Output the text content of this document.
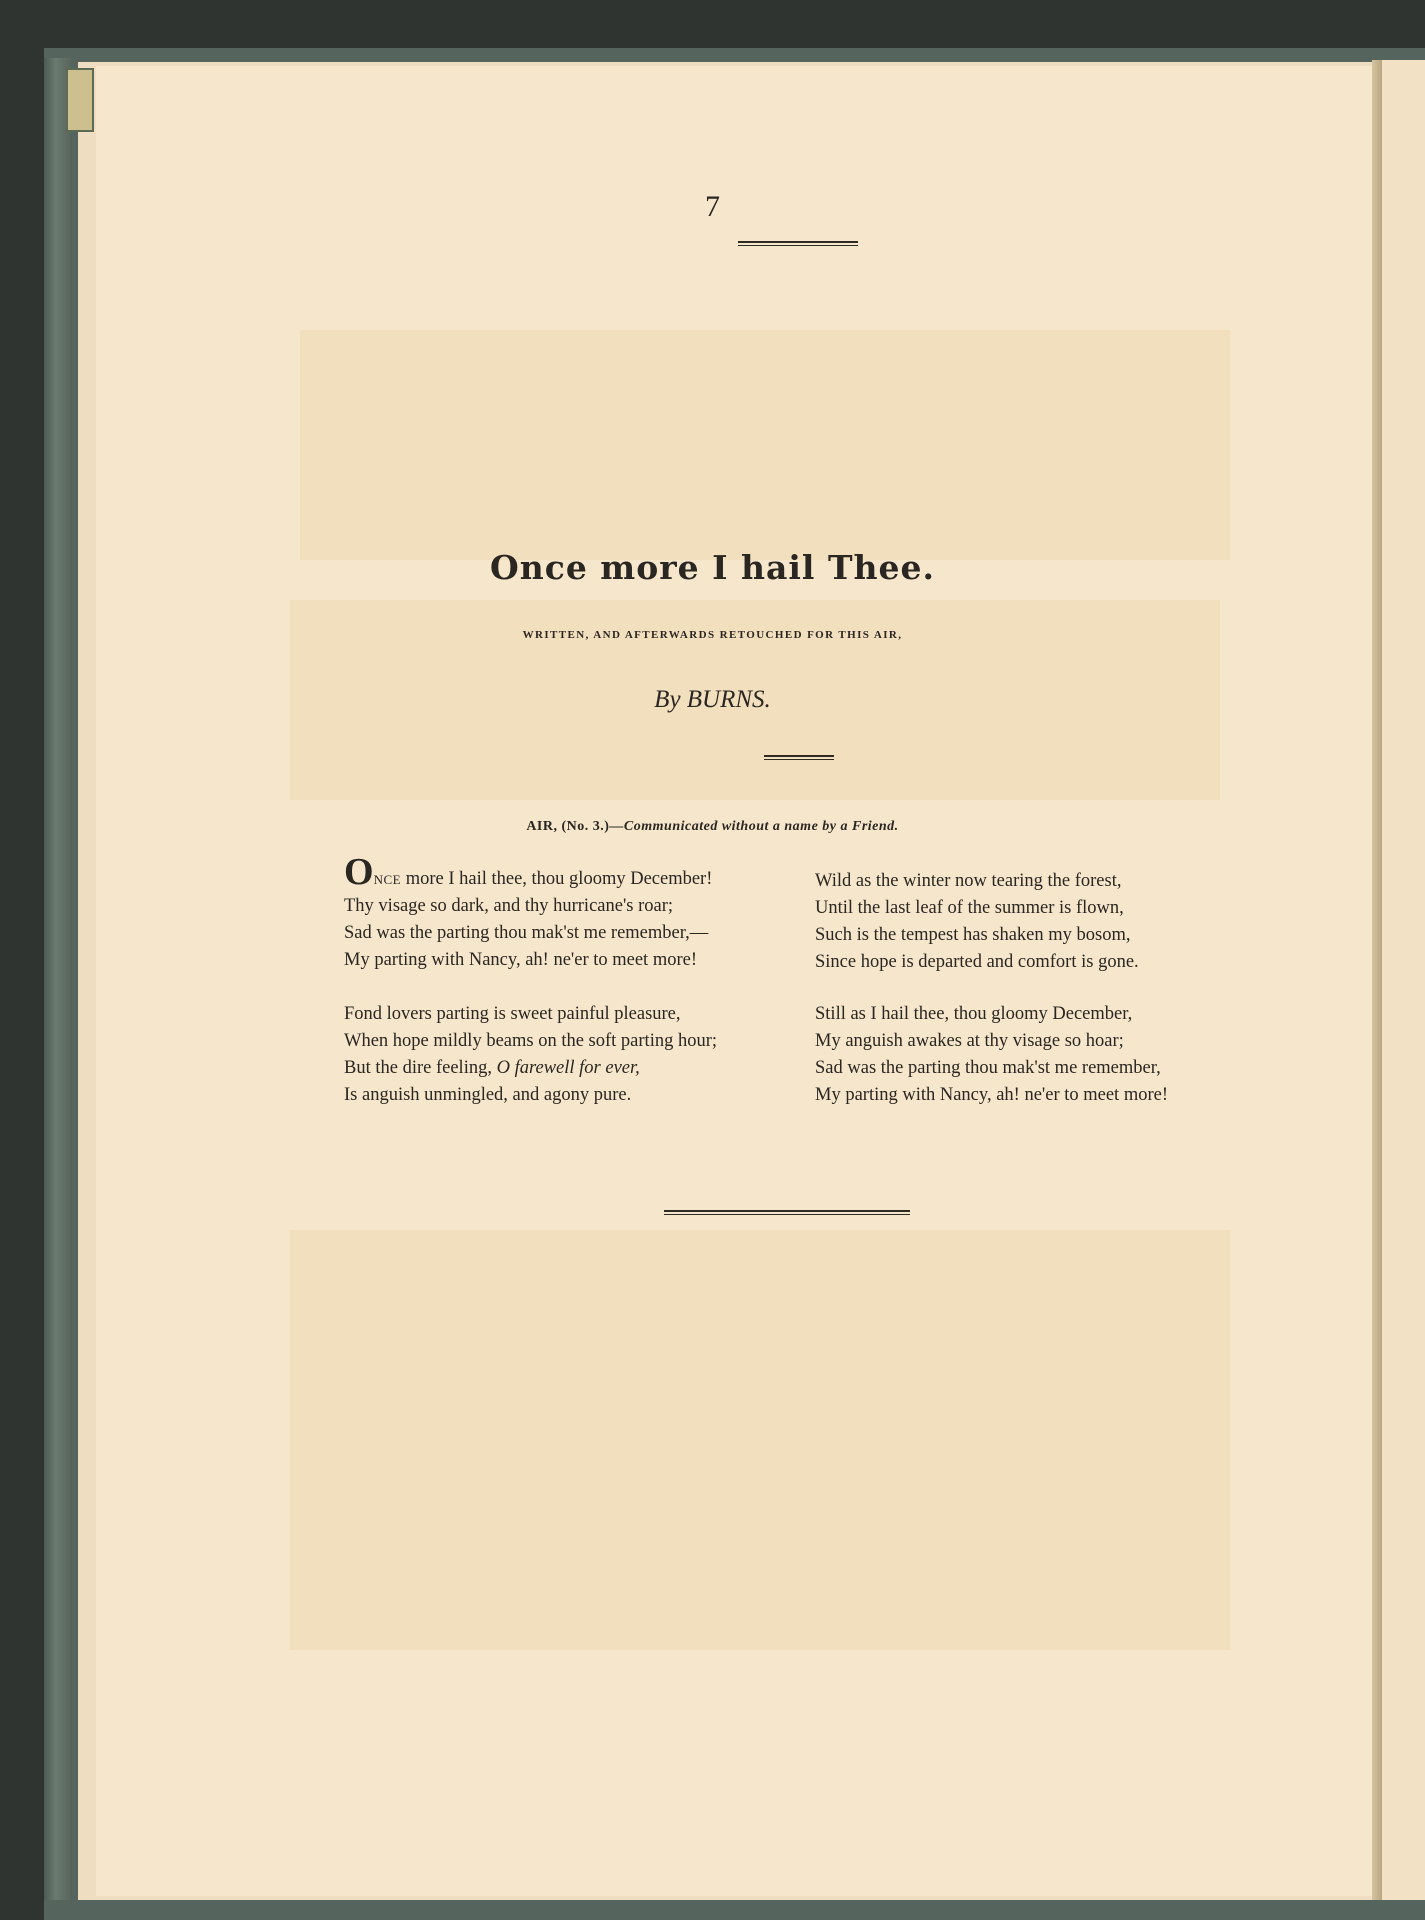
7
Once more I hail Thee.
WRITTEN, AND AFTERWARDS RETOUCHED FOR THIS AIR,
By BURNS.
AIR, (No. 3.)—Communicated without a name by a Friend.
ONCE more I hail thee, thou gloomy December!
Thy visage so dark, and thy hurricane's roar;
Sad was the parting thou mak'st me remember,—
My parting with Nancy, ah! ne'er to meet more!
Fond lovers parting is sweet painful pleasure,
When hope mildly beams on the soft parting hour;
But the dire feeling, O farewell for ever,
Is anguish unmingled, and agony pure.
Wild as the winter now tearing the forest,
Until the last leaf of the summer is flown,
Such is the tempest has shaken my bosom,
Since hope is departed and comfort is gone.
Still as I hail thee, thou gloomy December,
My anguish awakes at thy visage so hoar;
Sad was the parting thou mak'st me remember,
My parting with Nancy, ah! ne'er to meet more!
